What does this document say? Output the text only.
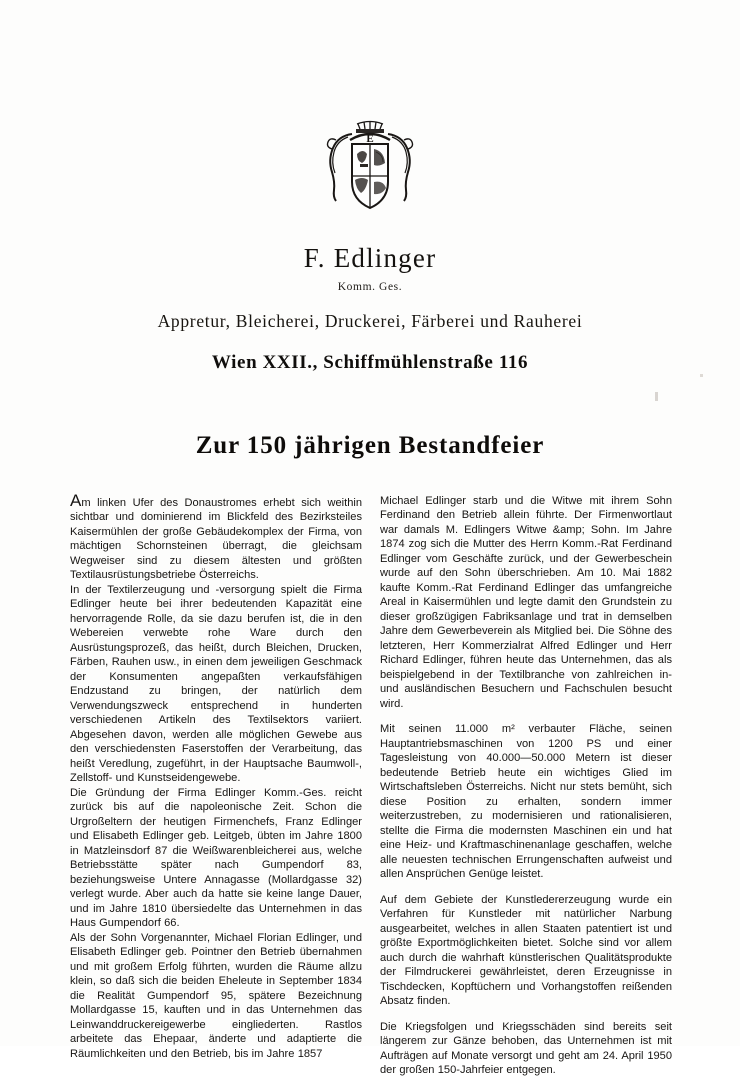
E
F. Edlinger
Komm. Ges.
Appretur, Bleicherei, Druckerei, Färberei und Rauherei
Wien XXII., Schiffmühlenstraße 116
Zur 150 jährigen Bestandfeier

Am linken Ufer des Donaustromes erhebt sich weithin sichtbar und dominierend im Blickfeld des Bezirksteiles Kaisermühlen der große Gebäudekomplex der Firma, von mächtigen Schornsteinen überragt, die gleichsam Wegweiser sind zu diesem ältesten und größten Textilausrüstungsbetriebe Österreichs.

In der Textilerzeugung und -versorgung spielt die Firma Edlinger heute bei ihrer bedeutenden Kapazität eine hervorragende Rolle, da sie dazu berufen ist, die in den Webereien verwebte rohe Ware durch den Ausrüstungsprozeß, das heißt, durch Bleichen, Drucken, Färben, Rauhen usw., in einen dem jeweiligen Geschmack der Konsumenten angepaßten verkaufsfähigen Endzustand zu bringen, der natürlich dem Verwendungszweck entsprechend in hunderten verschiedenen Artikeln des Textilsektors variiert. Abgesehen davon, werden alle möglichen Gewebe aus den verschiedensten Faserstoffen der Verarbeitung, das heißt Veredlung, zugeführt, in der Hauptsache Baumwoll-, Zellstoff- und Kunstseidengewebe.

Die Gründung der Firma Edlinger Komm.-Ges. reicht zurück bis auf die napoleonische Zeit. Schon die Urgroßeltern der heutigen Firmenchefs, Franz Edlinger und Elisabeth Edlinger geb. Leitgeb, übten im Jahre 1800 in Matzleinsdorf 87 die Weißwarenbleicherei aus, welche Betriebsstätte später nach Gumpendorf 83, beziehungsweise Untere Annagasse (Mollardgasse 32) verlegt wurde. Aber auch da hatte sie keine lange Dauer, und im Jahre 1810 übersiedelte das Unternehmen in das Haus Gumpendorf 66.

Als der Sohn Vorgenannter, Michael Florian Edlinger, und Elisabeth Edlinger geb. Pointner den Betrieb übernahmen und mit großem Erfolg führten, wurden die Räume allzu klein, so daß sich die beiden Eheleute in September 1834 die Realität Gumpendorf 95, spätere Bezeichnung Mollardgasse 15, kauften und in das Unternehmen das Leinwanddruckereigewerbe eingliederten. Rastlos arbeitete das Ehepaar, änderte und adaptierte die Räumlichkeiten und den Betrieb, bis im Jahre 1857

Michael Edlinger starb und die Witwe mit ihrem Sohn Ferdinand den Betrieb allein führte. Der Firmenwortlaut war damals M. Edlingers Witwe &amp; Sohn. Im Jahre 1874 zog sich die Mutter des Herrn Komm.-Rat Ferdinand Edlinger vom Geschäfte zurück, und der Gewerbeschein wurde auf den Sohn überschrieben. Am 10. Mai 1882 kaufte Komm.-Rat Ferdinand Edlinger das umfangreiche Areal in Kaisermühlen und legte damit den Grundstein zu dieser großzügigen Fabriksanlage und trat in demselben Jahre dem Gewerbeverein als Mitglied bei. Die Söhne des letzteren, Herr Kommerzialrat Alfred Edlinger und Herr Richard Edlinger, führen heute das Unternehmen, das als beispielgebend in der Textilbranche von zahlreichen in- und ausländischen Besuchern und Fachschulen besucht wird.

Mit seinen 11.000 m² verbauter Fläche, seinen Hauptantriebsmaschinen von 1200 PS und einer Tagesleistung von 40.000—50.000 Metern ist dieser bedeutende Betrieb heute ein wichtiges Glied im Wirtschaftsleben Österreichs. Nicht nur stets bemüht, sich diese Position zu erhalten, sondern immer weiterzustreben, zu modernisieren und rationalisieren, stellte die Firma die modernsten Maschinen ein und hat eine Heiz- und Kraftmaschinenanlage geschaffen, welche alle neuesten technischen Errungenschaften aufweist und allen Ansprüchen Genüge leistet.

Auf dem Gebiete der Kunstledererzeugung wurde ein Verfahren für Kunstleder mit natürlicher Narbung ausgearbeitet, welches in allen Staaten patentiert ist und größte Exportmöglichkeiten bietet. Solche sind vor allem auch durch die wahrhaft künstlerischen Qualitätsprodukte der Filmdruckerei gewährleistet, deren Erzeugnisse in Tischdecken, Kopftüchern und Vorhangstoffen reißenden Absatz finden.

Die Kriegsfolgen und Kriegsschäden sind bereits seit längerem zur Gänze behoben, das Unternehmen ist mit Aufträgen auf Monate versorgt und geht am 24. April 1950 der großen 150-Jahrfeier entgegen.
